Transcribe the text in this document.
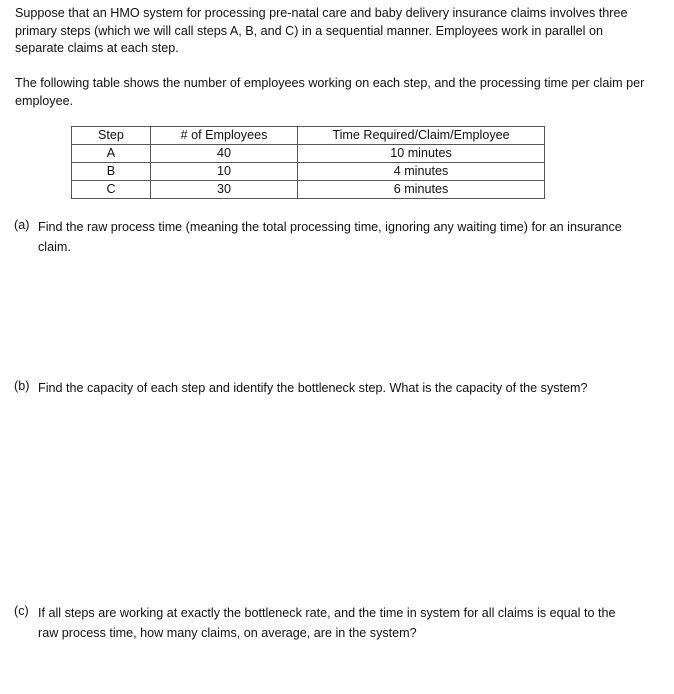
Suppose that an HMO system for processing pre-natal care and baby delivery insurance claims involves three primary steps (which we will call steps A, B, and C) in a sequential manner. Employees work in parallel on separate claims at each step.

The following table shows the number of employees working on each step, and the processing time per claim per employee.

Step	# of Employees	Time Required/Claim/Employee
A	40	10 minutes
B	10	4 minutes
C	30	6 minutes
(a) Find the raw process time (meaning the total processing time, ignoring any waiting time) for an insurance claim.
(b) Find the capacity of each step and identify the bottleneck step. What is the capacity of the system?
(c) If all steps are working at exactly the bottleneck rate, and the time in system for all claims is equal to the raw process time, how many claims, on average, are in the system?
